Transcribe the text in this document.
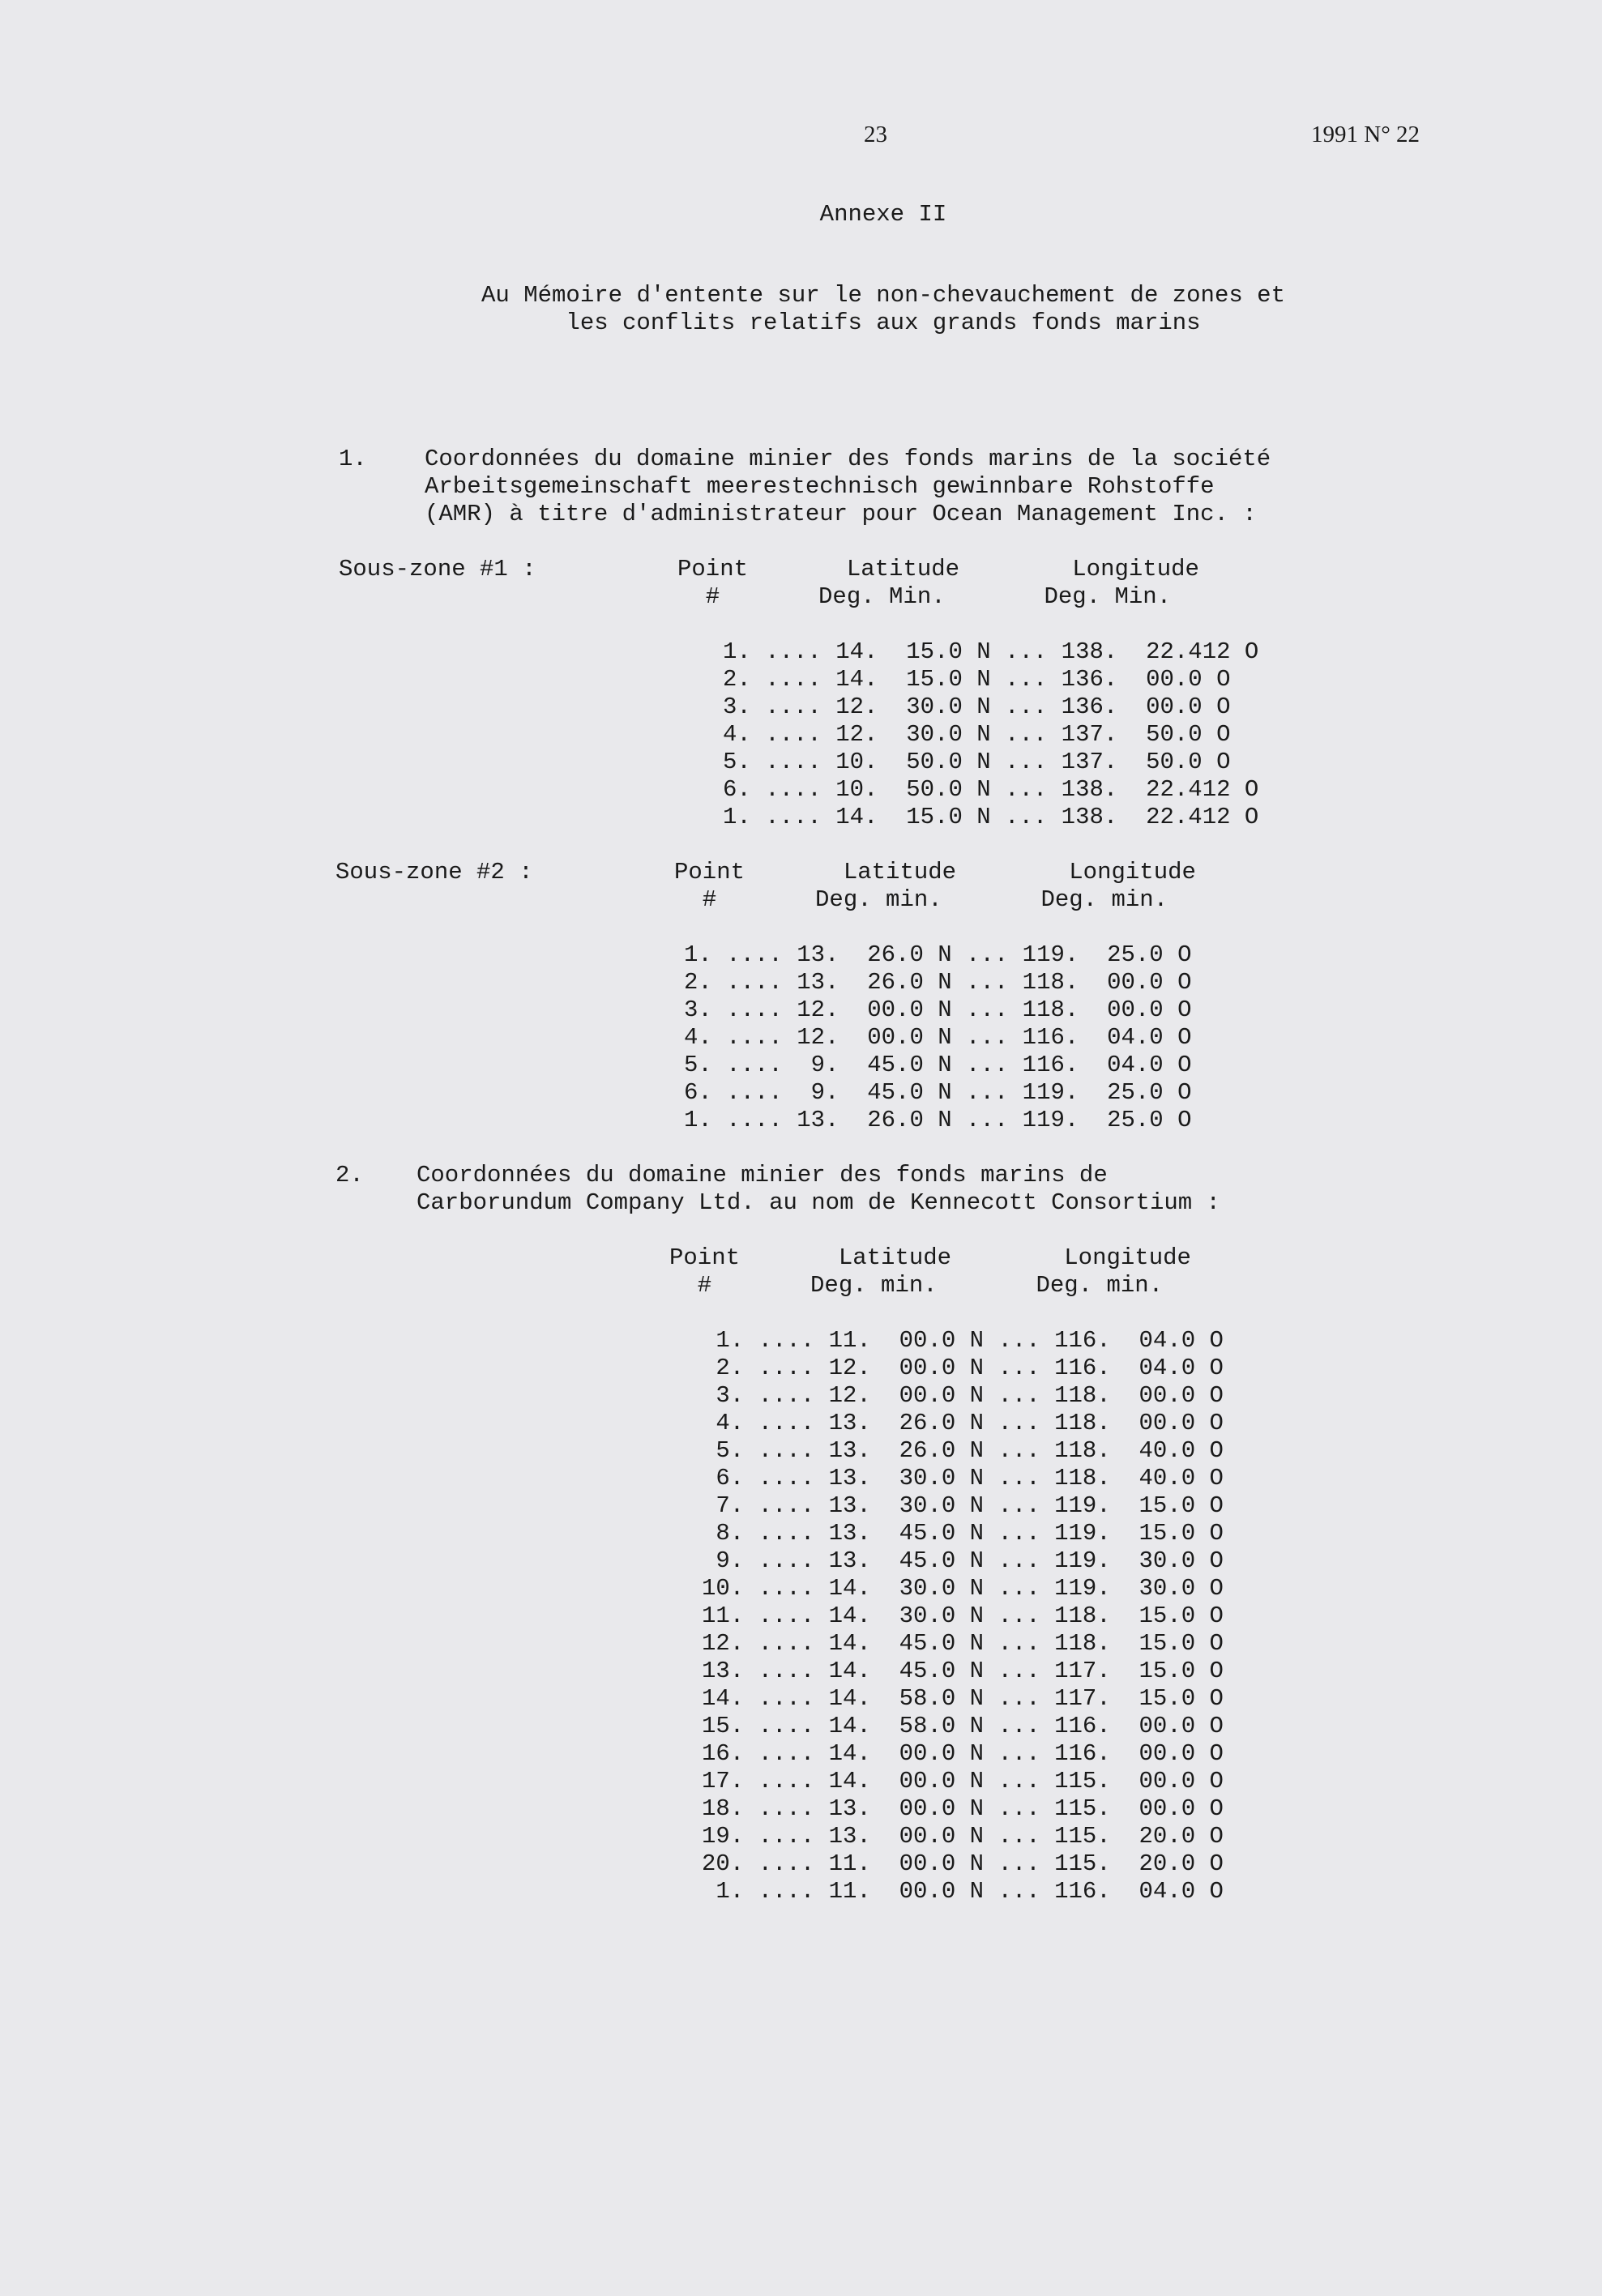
23	1991 N° 22
Annexe II
Au Mémoire d'entente sur le non-chevauchement de zones et
les conflits relatifs aux grands fonds marins
1. Coordonnées du domaine minier des fonds marins de la société
Arbeitsgemeinschaft meerestechnisch gewinnbare Rohstoffe
(AMR) à titre d'administrateur pour Ocean Management Inc. :
Sous-zone #1 :	Point       Latitude        Longitude
#       Deg. Min.       Deg. Min.
1. .... 14.  15.0 N ... 138.  22.412 O
2. .... 14.  15.0 N ... 136.  00.0 O
3. .... 12.  30.0 N ... 136.  00.0 O
4. .... 12.  30.0 N ... 137.  50.0 O
5. .... 10.  50.0 N ... 137.  50.0 O
6. .... 10.  50.0 N ... 138.  22.412 O
1. .... 14.  15.0 N ... 138.  22.412 O
Sous-zone #2 :	Point       Latitude        Longitude
#       Deg. min.       Deg. min.
1. .... 13.  26.0 N ... 119.  25.0 O
2. .... 13.  26.0 N ... 118.  00.0 O
3. .... 12.  00.0 N ... 118.  00.0 O
4. .... 12.  00.0 N ... 116.  04.0 O
5. ....  9.  45.0 N ... 116.  04.0 O
6. ....  9.  45.0 N ... 119.  25.0 O
1. .... 13.  26.0 N ... 119.  25.0 O
2. Coordonnées du domaine minier des fonds marins de
Carborundum Company Ltd. au nom de Kennecott Consortium :
Point       Latitude        Longitude
#       Deg. min.       Deg. min.
1. .... 11.  00.0 N ... 116.  04.0 O
2. .... 12.  00.0 N ... 116.  04.0 O
3. .... 12.  00.0 N ... 118.  00.0 O
4. .... 13.  26.0 N ... 118.  00.0 O
5. .... 13.  26.0 N ... 118.  40.0 O
6. .... 13.  30.0 N ... 118.  40.0 O
7. .... 13.  30.0 N ... 119.  15.0 O
8. .... 13.  45.0 N ... 119.  15.0 O
9. .... 13.  45.0 N ... 119.  30.0 O
10. .... 14.  30.0 N ... 119.  30.0 O
11. .... 14.  30.0 N ... 118.  15.0 O
12. .... 14.  45.0 N ... 118.  15.0 O
13. .... 14.  45.0 N ... 117.  15.0 O
14. .... 14.  58.0 N ... 117.  15.0 O
15. .... 14.  58.0 N ... 116.  00.0 O
16. .... 14.  00.0 N ... 116.  00.0 O
17. .... 14.  00.0 N ... 115.  00.0 O
18. .... 13.  00.0 N ... 115.  00.0 O
19. .... 13.  00.0 N ... 115.  20.0 O
20. .... 11.  00.0 N ... 115.  20.0 O
1. .... 11.  00.0 N ... 116.  04.0 O
